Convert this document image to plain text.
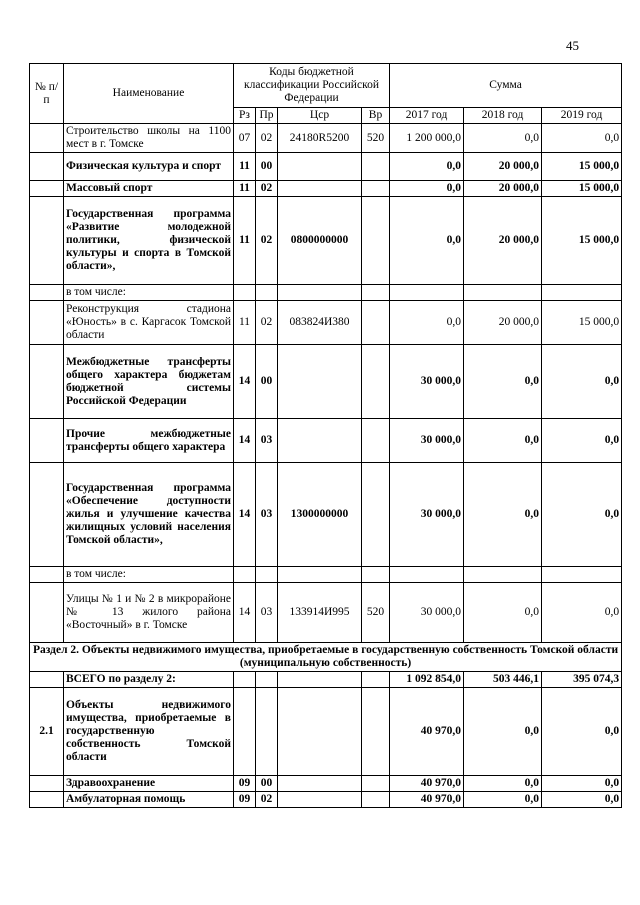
45
№ п/п	Наименование	Коды бюджетной классификации Российской Федерации				Сумма		
		Рз	Пр	Цср	Вр	2017 год	2018 год	2019 год
	Строительство школы на 1100 мест в г. Томске	07	02	24180R5200	520	1 200 000,0	0,0	0,0
	Физическая культура и спорт	11	00			0,0	20 000,0	15 000,0
	Массовый спорт	11	02			0,0	20 000,0	15 000,0
	Государственная программа «Развитие молодежной политики, физической культуры и спорта в Томской области»,	11	02	0800000000		0,0	20 000,0	15 000,0
	в том числе:							
	Реконструкция стадиона «Юность» в с. Каргасок Томской области	11	02	083824И380		0,0	20 000,0	15 000,0
	Межбюджетные трансферты общего характера бюджетам бюджетной системы Российской Федерации	14	00			30 000,0	0,0	0,0
	Прочие межбюджетные трансферты общего характера	14	03			30 000,0	0,0	0,0
	Государственная программа «Обеспечение доступности жилья и улучшение качества жилищных условий населения Томской области»,	14	03	1300000000		30 000,0	0,0	0,0
	в том числе:							
	Улицы № 1 и № 2 в микрорайоне № 13 жилого района «Восточный» в г. Томске	14	03	133914И995	520	30 000,0	0,0	0,0
Раздел 2. Объекты недвижимого имущества, приобретаемые в государственную собственность Томской области (муниципальную собственность)								
	ВСЕГО по разделу 2:					1 092 854,0	503 446,1	395 074,3
2.1	Объекты недвижимого имущества, приобретаемые в государственную собственность Томской области					40 970,0	0,0	0,0
	Здравоохранение	09	00			40 970,0	0,0	0,0
	Амбулаторная помощь	09	02			40 970,0	0,0	0,0
